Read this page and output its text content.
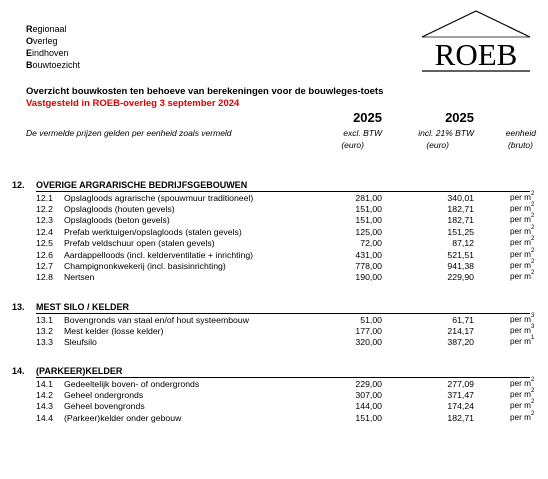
Regionaal
Overleg
Eindhoven
Bouwtoezicht	ROEB
Overzicht bouwkosten ten behoeve van berekeningen voor de bouwleges-toets
Vastgesteld in ROEB-overleg 3 september 2024
2025	2025
excl. BTW	incl. 21% BTW	eenheid
(euro)	(euro)	(bruto)
De vermelde prijzen gelden per eenheid zoals vermeld
12. OVERIGE ARGRARISCHE BEDRIJFSGEBOUWEN
12.1 Opslagloods agrarische (spouwmuur traditioneel)	281,00	340,01	per $m^2$
12.2 Opslagloods (houten gevels)	151,00	182,71	per $m^2$
12.3 Opslagloods (beton gevels)	151,00	182,71	per $m^2$
12.4 Prefab werktuigen/opslagloods (stalen gevels)	125,00	151,25	per $m^2$
12.5 Prefab veldschuur open (stalen gevels)	72,00	87,12	per $m^2$
12.6 Aardappelloods (incl. kelderventilatie + inrichting)	431,00	521,51	per $m^2$
12.7 Champignonkwekerij (incl. basisinrichting)	778,00	941,38	per $m^2$
12.8 Nertsen	190,00	229,90	per $m^2$
13. MEST SILO / KELDER
13.1 Bovengronds van staal en/of hout systeembouw	51,00	61,71	per $m^3$
13.2 Mest kelder (losse kelder)	177,00	214,17	per $m^3$
13.3 Sleufsilo	320,00	387,20	per $m^1$
14. (PARKEER)KELDER
14.1 Gedeeltelijk boven- of ondergronds	229,00	277,09	per $m^2$
14.2 Geheel ondergronds	307,00	371,47	per $m^2$
14.3 Geheel bovengronds	144,00	174,24	per $m^2$
14.4 (Parkeer)kelder onder gebouw	151,00	182,71	per $m^2$
